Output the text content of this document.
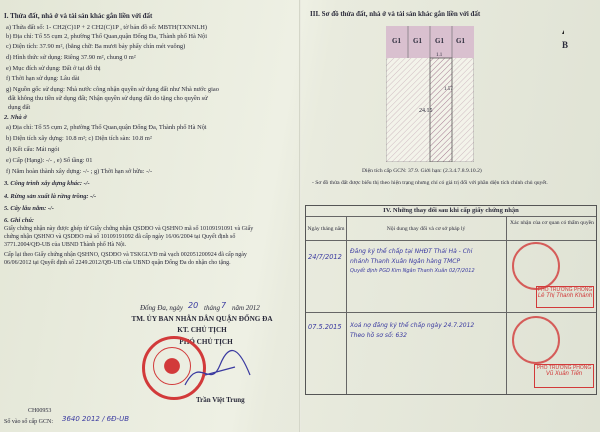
I. Thửa đất, nhà ở và tài sản khác gắn liền với đất
a) Thửa đất số: 1- CH2(C)1P + 2 CH2(C)1P , tờ bản đồ số: MBTH(TXNNLH)
b) Địa chỉ: Tổ 55 cụm 2, phường Thổ Quan,quận Đống Đa, Thành phố Hà Nội
c) Diện tích: 37.90 m², (bằng chữ: Ba mươi bảy phẩy chín mét vuông)
d) Hình thức sử dụng: Riêng 37.90 m², chung 0 m²
e) Mục đích sử dụng: Đất ở tại đô thị
f) Thời hạn sử dụng: Lâu dài
g) Nguồn gốc sử dụng: Nhà nước công nhận quyền sử dụng đất như Nhà nước giao
đất không thu tiền sử dụng đất; Nhận quyền sử dụng đất do tặng cho quyền sử
dụng đất
2. Nhà ở
a) Địa chỉ: Tổ 55 cụm 2, phường Thổ Quan,quận Đống Đa, Thành phố Hà Nội
b) Diện tích xây dựng: 10.8 m²; c) Diện tích sàn: 10.8 m²
d) Kết cấu: Mái ngói
e) Cấp (Hạng): -/- , e) Số tầng: 01
f) Năm hoàn thành xây dựng: -/- ; g) Thời hạn sở hữu: -/-
3. Công trình xây dựng khác: -/-
4. Rừng sản xuất là rừng trồng: -/-
5. Cây lâu năm: -/-
6. Ghi chú:
Giấy chứng nhận này được ghép từ Giấy chứng nhận QSDĐO và QSHNO mã số 10109191091 và Giấy
chứng nhận QSHNO và QSDĐO mã số 10109191092 đã cấp ngày 16/06/2004 tại Quyết định số
3771.2004/QĐ-UB của UBND Thành phố Hà Nội.
Cấp lại theo Giấy chứng nhận QSHNO, QSDĐO và TSKGLVĐ mã vạch 002051200924 đã cấp ngày
06/06/2012 tại Quyết định số 2249.2012/QĐ-UB của UBND quận Đống Đa do nhận cho tặng.
Đống Đa, ngày 20 tháng 7 năm 2012
TM. ỦY BAN NHÂN DÂN QUẬN ĐỐNG ĐA
KT. CHỦ TỊCH
PHÓ CHỦ TỊCH
Trần Việt Trung
CH00953
Số vào sổ cấp GCN: 3640 2012 / 6Đ-UB
III. Sơ đồ thửa đất, nhà ở và tài sản khác gắn liền với đất
G1 G1 G1 G1
24.15
1.57
1.1
B
Diện tích cấp GCN: 37.9. Giới hạn: (2.3.4.7.8.9.10.2)
- Sơ đồ thửa đất được biểu thị theo hiện trạng nhưng chỉ có giá trị đối với phần diện tích chính chủ quyết.
IV. Những thay đổi sau khi cấp giấy chứng nhận
Ngày tháng năm	Nội dung thay đổi và cơ sở pháp lý
Xác nhận của cơ quan có thẩm quyền
24/7/2012
Đăng ký thế chấp tại NHĐT Thái Hà - Chi
nhánh Thanh Xuân Ngân hàng TMCP
Quyết định PGD Kim Ngân Thanh Xuân 02/7/2012
07.5.2015 Xoá nợ đăng ký thế chấp ngày 24.7.2012
Theo hồ sơ số: 632
PHÓ TRƯỞNG PHÒNG
Lê Thị Thanh Khánh
PHÓ TRƯỞNG PHÒNG
Vũ Xuân Tiến
